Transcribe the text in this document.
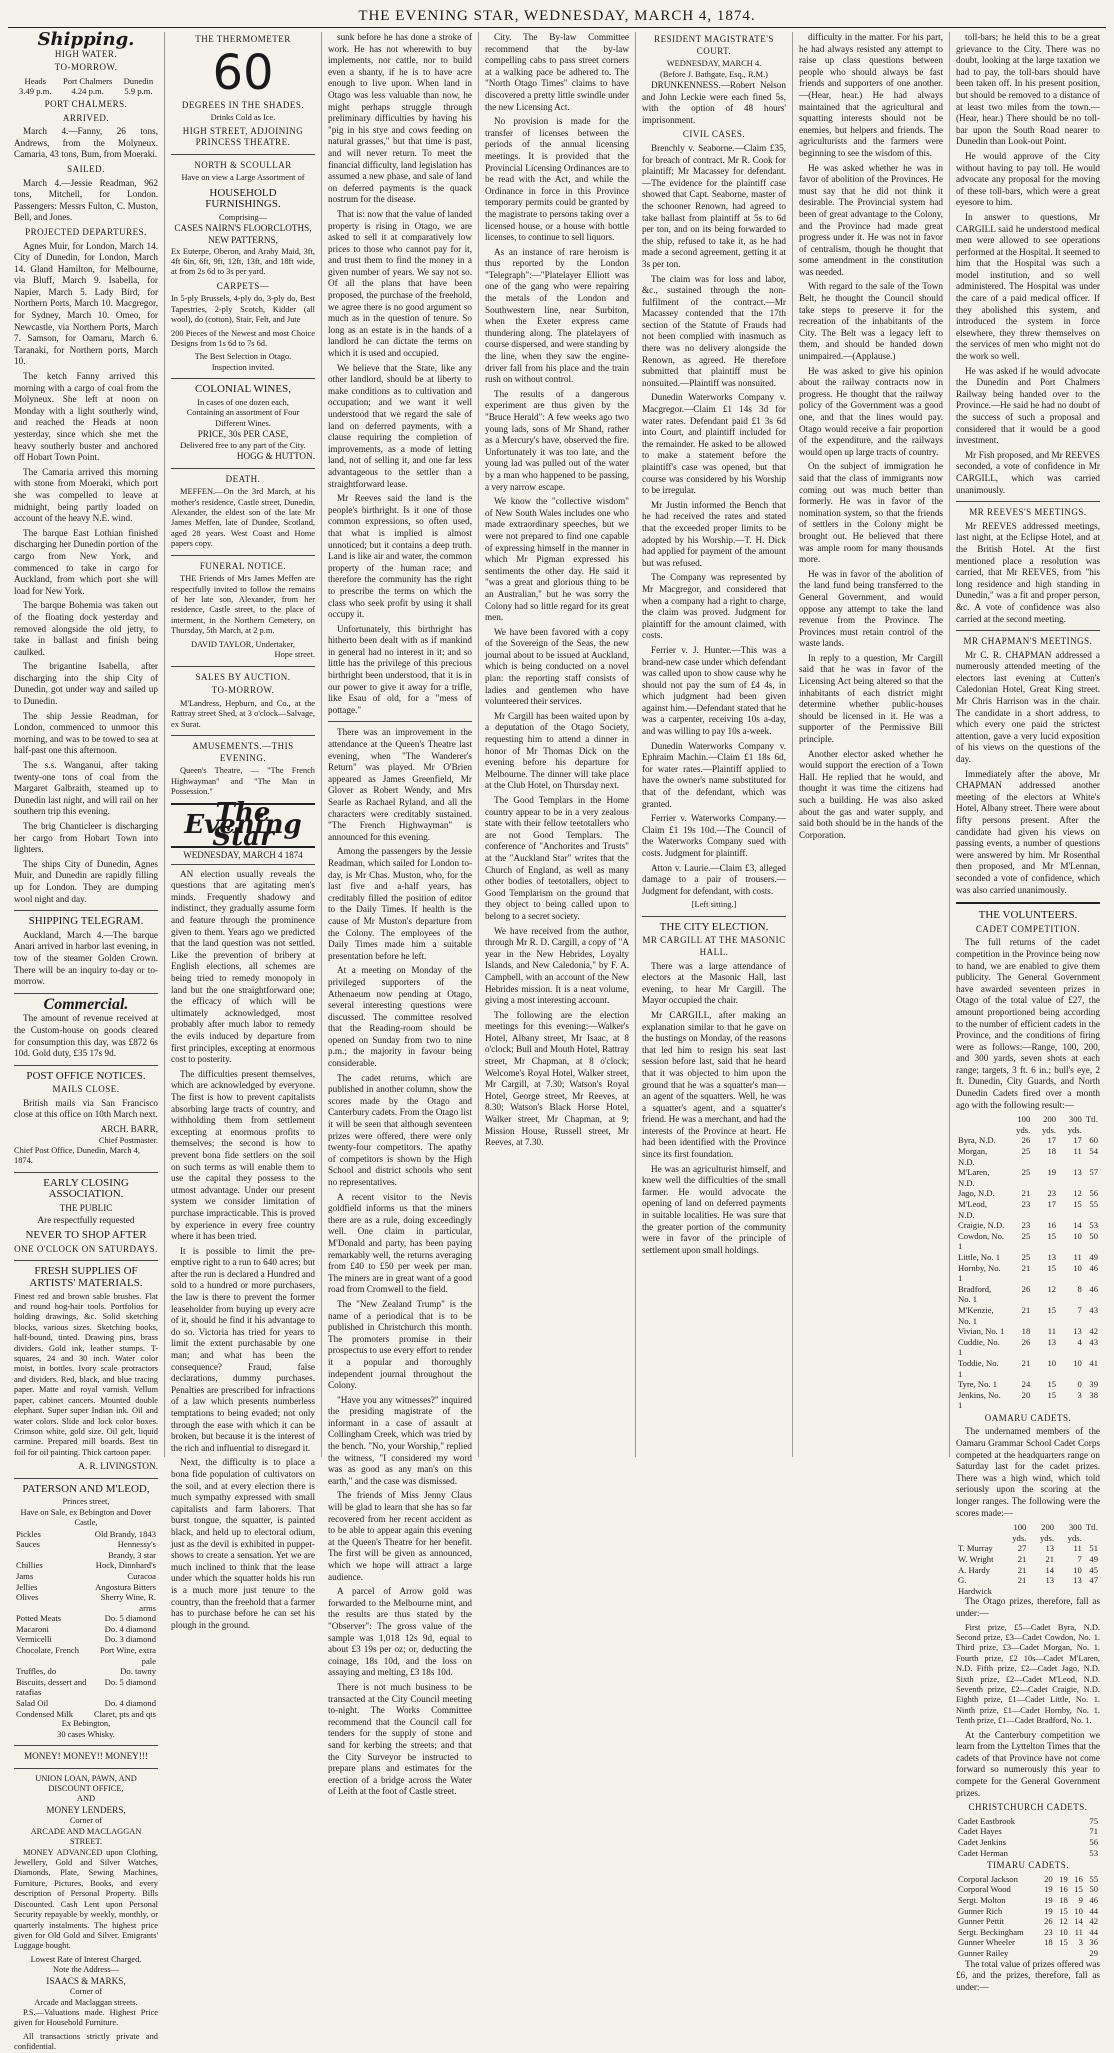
THE EVENING STAR, WEDNESDAY, MARCH 4, 1874.
Shipping.
HIGH WATER.
TO-MORROW.
Heads	Port Chalmers	Dunedin
3.49 p.m.	4.24 p.m.	5.9 p.m.
PORT CHALMERS.
ARRIVED.

March 4.—Fanny, 26 tons, Andrews, from the Molyneux. Camaria, 43 tons, Bum, from Moeraki.

SAILED.

March 4.—Jessie Readman, 962 tons, Mitchell, for London. Passengers: Messrs Fulton, C. Muston, Bell, and Jones.

PROJECTED DEPARTURES.

Agnes Muir, for London, March 14. City of Dunedin, for London, March 14. Gland Hamilton, for Melbourne, via Bluff, March 9. Isabella, for Napier, March 5. Lady Bird, for Northern Ports, March 10. Macgregor, for Sydney, March 10. Omeo, for Newcastle, via Northern Ports, March 7. Samson, for Oamaru, March 6. Taranaki, for Northern ports, March 10.

The ketch Fanny arrived this morning with a cargo of coal from the Molyneux. She left at noon on Monday with a light southerly wind, and reached the Heads at noon yesterday, since which she met the heavy southerly buster and anchored off Hobart Town Point.

The Camaria arrived this morning with stone from Moeraki, which port she was compelled to leave at midnight, being partly loaded on account of the heavy N.E. wind.

The barque East Lothian finished discharging her Dunedin portion of the cargo from New York, and commenced to take in cargo for Auckland, from which port she will load for New York.

The barque Bohemia was taken out of the floating dock yesterday and removed alongside the old jetty, to take in ballast and finish being caulked.

The brigantine Isabella, after discharging into the ship City of Dunedin, got under way and sailed up to Dunedin.

The ship Jessie Readman, for London, commenced to unmoor this morning, and was to be towed to sea at half-past one this afternoon.

The s.s. Wanganui, after taking twenty-one tons of coal from the Margaret Galbraith, steamed up to Dunedin last night, and will rail on her southern trip this evening.

The brig Chanticleer is discharging her cargo from Hobart Town into lighters.

The ships City of Dunedin, Agnes Muir, and Dunedin are rapidly filling up for London. They are dumping wool night and day.

SHIPPING TELEGRAM.

Auckland, March 4.—The barque Anari arrived in harbor last evening, in tow of the steamer Golden Crown. There will be an inquiry to-day or to-morrow.

Commercial.

The amount of revenue received at the Custom-house on goods cleared for consumption this day, was £872 6s 10d. Gold duty, £35 17s 9d.

POST OFFICE NOTICES.
MAILS CLOSE.

British mails via San Francisco close at this office on 10th March next.

ARCH. BARR,
Chief Postmaster.
Chief Post Office, Dunedin, March 4, 1874.
EARLY CLOSING ASSOCIATION.
THE PUBLIC
Are respectfully requested
NEVER TO SHOP AFTER
ONE O'CLOCK ON SATURDAYS.
FRESH SUPPLIES OF ARTISTS' MATERIALS.

Finest red and brown sable brushes. Flat and round hog-hair tools. Portfolios for holding drawings, &c. Solid sketching blocks, various sizes. Sketching books, half-bound, tinted. Drawing pins, brass dividers. Gold ink, leather stumps. T-squares, 24 and 30 inch. Water color moist, in bottles. Ivory scale protractors and dividers. Red, black, and blue tracing paper. Matte and royal varnish. Vellum paper, cabinet cancers. Mounted double elephant. Super super Indian ink. Oil and water colors. Slide and lock color boxes. Crimson white, gold size. Oil gelt, liquid carmine. Prepared mill boards. Best tin foil for oil painting. Thick cartoon paper.

A. R. LIVINGSTON.
PATERSON AND M'LEOD,
Princes street,
Have on Sale, ex Bebington and Dover Castle,
Pickles	Old Brandy, 1843
Sauces	Hennessy's Brandy, 3 star
Chillies	Hock, Dinnhard's
Jams	Curacoa
Jellies	Angostura Bitters
Olives	Sherry Wine, R. arms
Potted Meats	Do. 5 diamond
Macaroni	Do. 4 diamond
Vermicelli	Do. 3 diamond
Chocolate, French	Port Wine, extra pale
Truffles, do	Do. tawny
Biscuits, dessert and ratafias	Do. 5 diamond
Salad Oil	Do. 4 diamond
Condensed Milk	Claret, pts and qts
Ex Bebington,
30 cases Whisky.
MONEY! MONEY!! MONEY!!!
UNION LOAN, PAWN, AND DISCOUNT OFFICE,
AND
MONEY LENDERS,
Corner of
ARCADE AND MACLAGGAN STREET.

MONEY ADVANCED upon Clothing, Jewellery, Gold and Silver Watches, Diamonds, Plate, Sewing Machines, Furniture, Pictures, Books, and every description of Personal Property. Bills Discounted. Cash Lent upon Personal Security repayable by weekly, monthly, or quarterly instalments. The highest price given for Old Gold and Silver. Emigrants' Luggage bought.

Lowest Rate of Interest Charged.
Note the Address—
ISAACS & MARKS,
Corner of
Arcade and Maclaggan streets.

P.S.—Valuations made. Highest Price given for Household Furniture.

All transactions strictly private and confidential.

THE THERMOMETER
60
DEGREES IN THE SHADES.
Drinks Cold as Ice.
HIGH STREET, ADJOINING PRINCESS THEATRE.
NORTH & SCOULLAR
Have on view a Large Assortment of
HOUSEHOLD FURNISHINGS.
Comprising—
CASES NAIRN'S FLOORCLOTHS, NEW PATTERNS,

Ex Euterpe, Oberon, and Araby Maid, 3ft, 4ft 6in, 6ft, 9ft, 12ft, 13ft, and 18ft wide, at from 2s 6d to 3s per yard.

CARPETS—

In 5-ply Brussels, 4-ply do, 3-ply do, Best Tapestries, 2-ply Scotch, Kidder (all wool), do (cotton), Stair, Felt, and Jute

200 Pieces of the Newest and most Choice Designs from 1s 6d to 7s 6d.

The Best Selection in Otago.
Inspection invited.
COLONIAL WINES,
In cases of one dozen each,
Containing an assortment of Four Different Wines.
PRICE, 30s PER CASE,
Delivered free to any part of the City.
HOGG & HUTTON.
DEATH.

MEFFEN.—On the 3rd March, at his mother's residence, Castle street, Dunedin, Alexander, the eldest son of the late Mr James Meffen, late of Dundee, Scotland, aged 28 years. West Coast and Home papers copy.

FUNERAL NOTICE.

THE Friends of Mrs James Meffen are respectfully invited to follow the remains of her late son, Alexander, from her residence, Castle street, to the place of interment, in the Northern Cemetery, on Thursday, 5th March, at 2 p.m.

DAVID TAYLOR, Undertaker,
Hope street.
SALES BY AUCTION.
TO-MORROW.

M'Landress, Hepburn, and Co., at the Rattray street Shed, at 3 o'clock—Salvage, ex Surat.

AMUSEMENTS.—THIS EVENING.

Queen's Theatre, — "The French Highwayman" and "The Man in Possession."

The Evening Star
WEDNESDAY, MARCH 4 1874

AN election usually reveals the questions that are agitating men's minds. Frequently shadowy and indistinct, they gradually assume form and feature through the prominence given to them. Years ago we predicted that the land question was not settled. Like the prevention of bribery at English elections, all schemes are being tried to remedy monopoly in land but the one straightforward one; the efficacy of which will be ultimately acknowledged, most probably after much labor to remedy the evils induced by departure from first principles, excepting at enormous cost to posterity.

The difficulties present themselves, which are acknowledged by everyone. The first is how to prevent capitalists absorbing large tracts of country, and withholding them from settlement excepting at enormous profits to themselves; the second is how to prevent bona fide settlers on the soil on such terms as will enable them to use the capital they possess to the utmost advantage. Under our present system we consider limitation of purchase impracticable. This is proved by experience in every free country where it has been tried.

It is possible to limit the pre-emptive right to a run to 640 acres; but after the run is declared a Hundred and sold to a hundred or more purchasers, the law is there to prevent the former leaseholder from buying up every acre of it, should he find it his advantage to do so. Victoria has tried for years to limit the extent purchasable by one man; and what has been the consequence? Fraud, false declarations, dummy purchases. Penalties are prescribed for infractions of a law which presents numberless temptations to being evaded; not only through the ease with which it can be broken, but because it is the interest of the rich and influential to disregard it.

Next, the difficulty is to place a bona fide population of cultivators on the soil, and at every election there is much sympathy expressed with small capitalists and farm laborers. That burst tongue, the squatter, is painted black, and held up to electoral odium, just as the devil is exhibited in puppet-shows to create a sensation. Yet we are much inclined to think that the lease under which the squatter holds his run is a much more just tenure to the country, than the freehold that a farmer has to purchase before he can set his plough in the ground.

sunk before he has done a stroke of work. He has not wherewith to buy implements, nor cattle, nor to build even a shanty, if he is to have acre enough to live upon. When land in Otago was less valuable than now, he might perhaps struggle through preliminary difficulties by having his "pig in his stye and cows feeding on natural grasses," but that time is past, and will never return. To meet the financial difficulty, land legislation has assumed a new phase, and sale of land on deferred payments is the quack nostrum for the disease.

That is: now that the value of landed property is rising in Otago, we are asked to sell it at comparatively low prices to those who cannot pay for it, and trust them to find the money in a given number of years. We say not so. Of all the plans that have been proposed, the purchase of the freehold, we agree there is no good argument so much as in the question of tenure. So long as an estate is in the hands of a landlord he can dictate the terms on which it is used and occupied.

We believe that the State, like any other landlord, should be at liberty to make conditions as to cultivation and occupation; and we want it well understood that we regard the sale of land on deferred payments, with a clause requiring the completion of improvements, as a mode of letting land, not of selling it, and one far less advantageous to the settler than a straightforward lease.

Mr Reeves said the land is the people's birthright. Is it one of those common expressions, so often used, that what is implied is almost unnoticed; but it contains a deep truth. Land is like air and water, the common property of the human race; and therefore the community has the right to prescribe the terms on which the class who seek profit by using it shall occupy it.

Unfortunately, this birthright has hitherto been dealt with as if mankind in general had no interest in it; and so little has the privilege of this precious birthright been understood, that it is in our power to give it away for a trifle, like Esau of old, for a "mess of pottage."

There was an improvement in the attendance at the Queen's Theatre last evening, when "The Wanderer's Return" was played. Mr O'Brien appeared as James Greenfield, Mr Glover as Robert Wendy, and Mrs Searle as Rachael Ryland, and all the characters were creditably sustained. "The French Highwayman" is announced for this evening.

Among the passengers by the Jessie Readman, which sailed for London to-day, is Mr Chas. Muston, who, for the last five and a-half years, has creditably filled the position of editor to the Daily Times. If health is the cause of Mr Muston's departure from the Colony. The employees of the Daily Times made him a suitable presentation before he left.

At a meeting on Monday of the privileged supporters of the Athenaeum now pending at Otago, several interesting questions were discussed. The committee resolved that the Reading-room should be opened on Sunday from two to nine p.m.; the majority in favour being considerable.

The cadet returns, which are published in another column, show the scores made by the Otago and Canterbury cadets. From the Otago list it will be seen that although seventeen prizes were offered, there were only twenty-four competitors. The apathy of competitors is shown by the High School and district schools who sent no representatives.

A recent visitor to the Nevis goldfield informs us that the miners there are as a rule, doing exceedingly well. One claim in particular, M'Donald and party, has been paying remarkably well, the returns averaging from £40 to £50 per week per man. The miners are in great want of a good road from Cromwell to the field.

The "New Zealand Trump" is the name of a periodical that is to be published in Christchurch this month. The promoters promise in their prospectus to use every effort to render it a popular and thoroughly independent journal throughout the Colony.

"Have you any witnesses?" inquired the presiding magistrate of the informant in a case of assault at Collingham Creek, which was tried by the bench. "No, your Worship," replied the witness, "I considered my word was as good as any man's on this earth," and the case was dismissed.

The friends of Miss Jenny Claus will be glad to learn that she has so far recovered from her recent accident as to be able to appear again this evening at the Queen's Theatre for her benefit. The first will be given as announced, which we hope will attract a large audience.

A parcel of Arrow gold was forwarded to the Melbourne mint, and the results are thus stated by the "Observer": The gross value of the sample was 1,018 12s 9d, equal to about £3 19s per oz; or, deducting the coinage, 18s 10d, and the loss on assaying and melting, £3 18s 10d.

There is not much business to be transacted at the City Council meeting to-night. The Works Committee recommend that the Council call for tenders for the supply of stone and sand for kerbing the streets; and that the City Surveyor be instructed to prepare plans and estimates for the erection of a bridge across the Water of Leith at the foot of Castle street.

City. The By-law Committee recommend that the by-law compelling cabs to pass street corners at a walking pace be adhered to. The "North Otago Times" claims to have discovered a pretty little swindle under the new Licensing Act.

No provision is made for the transfer of licenses between the periods of the annual licensing meetings. It is provided that the Provincial Licensing Ordinances are to be read with the Act, and while the Ordinance in force in this Province temporary permits could be granted by the magistrate to persons taking over a licensed house, or a house with bottle licenses, to continue to sell liquors.

As an instance of rare heroism is thus reported by the London "Telegraph":—"Platelayer Elliott was one of the gang who were repairing the metals of the London and Southwestern line, near Surbiton, when the Exeter express came thundering along. The platelayers of course dispersed, and were standing by the line, when they saw the engine-driver fall from his place and the train rush on without control.

The results of a dangerous experiment are thus given by the "Bruce Herald": A few weeks ago two young lads, sons of Mr Shand, rather as a Mercury's have, observed the fire. Unfortunately it was too late, and the young lad was pulled out of the water by a man who happened to be passing, a very narrow escape.

We know the "collective wisdom" of New South Wales includes one who made extraordinary speeches, but we were not prepared to find one capable of expressing himself in the manner in which Mr Pigman expressed his sentiments the other day. He said it "was a great and glorious thing to be an Australian," but he was sorry the Colony had so little regard for its great men.

We have been favored with a copy of the Sovereign of the Seas, the new journal about to be issued at Auckland, which is being conducted on a novel plan: the reporting staff consists of ladies and gentlemen who have volunteered their services.

Mr Cargill has been waited upon by a deputation of the Otago Society, requesting him to attend a dinner in honor of Mr Thomas Dick on the evening before his departure for Melbourne. The dinner will take place at the Club Hotel, on Thursday next.

The Good Templars in the Home country appear to be in a very zealous state with their fellow teetotallers who are not Good Templars. The conference of "Anchorites and Trusts" at the "Auckland Star" writes that the Church of England, as well as many other bodies of teetotallers, object to Good Templarism on the ground that they object to being called upon to belong to a secret society.

We have received from the author, through Mr R. D. Cargill, a copy of "A year in the New Hebrides, Loyalty Islands, and New Caledonia," by F. A. Campbell, with an account of the New Hebrides mission. It is a neat volume, giving a most interesting account.

The following are the election meetings for this evening:—Walker's Hotel, Albany street, Mr Isaac, at 8 o'clock; Bull and Mouth Hotel, Rattray street, Mr Chapman, at 8 o'clock; Welcome's Royal Hotel, Walker street, Mr Cargill, at 7.30; Watson's Royal Hotel, George street, Mr Reeves, at 8.30; Watson's Black Horse Hotel, Walker street, Mr Chapman, at 9; Mission House, Russell street, Mr Reeves, at 7.30.

RESIDENT MAGISTRATE'S COURT.
WEDNESDAY, MARCH 4.
(Before J. Bathgate, Esq., R.M.)

DRUNKENNESS.—Robert Nelson and John Leckie were each fined 5s, with the option of 48 hours' imprisonment.

CIVIL CASES.

Brenchly v. Seaborne.—Claim £35, for breach of contract. Mr R. Cook for plaintiff; Mr Macassey for defendant.—The evidence for the plaintiff case showed that Capt. Seaborne, master of the schooner Renown, had agreed to take ballast from plaintiff at 5s to 6d per ton, and on its being forwarded to the ship, refused to take it, as he had made a second agreement, getting it at 3s per ton.

The claim was for loss and labor, &c., sustained through the non-fulfilment of the contract.—Mr Macassey contended that the 17th section of the Statute of Frauds had not been complied with inasmuch as there was no delivery alongside the Renown, as agreed. He therefore submitted that plaintiff must be nonsuited.—Plaintiff was nonsuited.

Dunedin Waterworks Company v. Macgregor.—Claim £1 14s 3d for water rates. Defendant paid £1 3s 6d into Court, and plaintiff included for the remainder. He asked to be allowed to make a statement before the plaintiff's case was opened, but that course was considered by his Worship to be irregular.

Mr Justin informed the Bench that he had received the rates and stated that the exceeded proper limits to be adopted by his Worship.—T. H. Dick had applied for payment of the amount but was refused.

The Company was represented by Mr Macgregor, and considered that when a company had a right to charge, the claim was proved. Judgment for plaintiff for the amount claimed, with costs.

Ferrier v. J. Hunter.—This was a brand-new case under which defendant was called upon to show cause why he should not pay the sum of £4 4s, in which judgment had been given against him.—Defendant stated that he was a carpenter, receiving 10s a-day, and was willing to pay 10s a-week.

Dunedin Waterworks Company v. Ephraim Machin.—Claim £1 18s 6d, for water rates.—Plaintiff applied to have the owner's name substituted for that of the defendant, which was granted.

Ferrier v. Waterworks Company.—Claim £1 19s 10d.—The Council of the Waterworks Company sued with costs. Judgment for plaintiff.

Atton v. Laurie.—Claim £3, alleged damage to a pair of trousers.—Judgment for defendant, with costs.

[Left sitting.]
THE CITY ELECTION.
MR CARGILL AT THE MASONIC HALL.

There was a large attendance of electors at the Masonic Hall, last evening, to hear Mr Cargill. The Mayor occupied the chair.

Mr CARGILL, after making an explanation similar to that he gave on the hustings on Monday, of the reasons that led him to resign his seat last session before last, said that he heard that it was objected to him upon the ground that he was a squatter's man—an agent of the squatters. Well, he was a squatter's agent, and a squatter's friend. He was a merchant, and had the interests of the Province at heart. He had been identified with the Province since its first foundation.

He was an agriculturist himself, and knew well the difficulties of the small farmer. He would advocate the opening of land on deferred payments in suitable localities. He was sure that the greater portion of the community were in favor of the principle of settlement upon small holdings.

difficulty in the matter. For his part, he had always resisted any attempt to raise up class questions between people who should always be fast friends and supporters of one another.—(Hear, hear.) He had always maintained that the agricultural and squatting interests should not be enemies, but helpers and friends. The agriculturists and the farmers were beginning to see the wisdom of this.

He was asked whether he was in favor of abolition of the Provinces. He must say that he did not think it desirable. The Provincial system had been of great advantage to the Colony, and the Province had made great progress under it. He was not in favor of centralism, though he thought that some amendment in the constitution was needed.

With regard to the sale of the Town Belt, he thought the Council should take steps to preserve it for the recreation of the inhabitants of the City. The Belt was a legacy left to them, and should be handed down unimpaired.—(Applause.)

He was asked to give his opinion about the railway contracts now in progress. He thought that the railway policy of the Government was a good one, and that the lines would pay. Otago would receive a fair proportion of the expenditure, and the railways would open up large tracts of country.

On the subject of immigration he said that the class of immigrants now coming out was much better than formerly. He was in favor of the nomination system, so that the friends of settlers in the Colony might be brought out. He believed that there was ample room for many thousands more.

He was in favor of the abolition of the land fund being transferred to the General Government, and would oppose any attempt to take the land revenue from the Province. The Provinces must retain control of the waste lands.

In reply to a question, Mr Cargill said that he was in favor of the Licensing Act being altered so that the inhabitants of each district might determine whether public-houses should be licensed in it. He was a supporter of the Permissive Bill principle.

Another elector asked whether he would support the erection of a Town Hall. He replied that he would, and thought it was time the citizens had such a building. He was also asked about the gas and water supply, and said both should be in the hands of the Corporation.

toll-bars; he held this to be a great grievance to the City. There was no doubt, looking at the large taxation we had to pay, the toll-bars should have been taken off. In his present position, but should be removed to a distance of at least two miles from the town.—(Hear, hear.) There should be no toll-bar upon the South Road nearer to Dunedin than Look-out Point.

He would approve of the City without having to pay toll. He would advocate any proposal for the moving of these toll-bars, which were a great eyesore to him.

In answer to questions, Mr CARGILL said he understood medical men were allowed to see operations performed at the Hospital. It seemed to him that the Hospital was such a model institution, and so well administered. The Hospital was under the care of a paid medical officer. If they abolished this system, and introduced the system in force elsewhere, they threw themselves on the services of men who might not do the work so well.

He was asked if he would advocate the Dunedin and Port Chalmers Railway being handed over to the Province.—He said he had no doubt of the success of such a proposal and considered that it would be a good investment.

Mr Fish proposed, and Mr REEVES seconded, a vote of confidence in Mr CARGILL, which was carried unanimously.

MR REEVES'S MEETINGS.

Mr REEVES addressed meetings, last night, at the Eclipse Hotel, and at the British Hotel. At the first mentioned place a resolution was carried, that Mr REEVES, from "his long residence and high standing in Dunedin," was a fit and proper person, &c. A vote of confidence was also carried at the second meeting.

MR CHAPMAN'S MEETINGS.

Mr C. R. CHAPMAN addressed a numerously attended meeting of the electors last evening at Cutten's Caledonian Hotel, Great King street. Mr Chris Harrison was in the chair. The candidate in a short address, to which every one paid the strictest attention, gave a very lucid exposition of his views on the questions of the day.

Immediately after the above, Mr CHAPMAN addressed another meeting of the electors at White's Hotel, Albany street. There were about fifty persons present. After the candidate had given his views on passing events, a number of questions were answered by him. Mr Rosenthal then proposed, and Mr M'Lennan, seconded a vote of confidence, which was also carried unanimously.

THE VOLUNTEERS.
CADET COMPETITION.

The full returns of the cadet competition in the Province being now to hand, we are enabled to give them publicity. The General Government have awarded seventeen prizes in Otago of the total value of £27, the amount proportioned being according to the number of efficient cadets in the Province, and the conditions of firing were as follows:—Range, 100, 200, and 300 yards, seven shots at each range; targets, 3 ft. 6 in.; bull's eye, 2 ft. Dunedin, City Guards, and North Dunedin Cadets fired over a month ago with the following result:—

	100 yds.	200 yds.	300 yds.	Ttl.
Byra, N.D.	26	17	17	60
Morgan, N.D.	25	18	11	54
M'Laren, N.D.	25	19	13	57
Jago, N.D.	21	23	12	56
M'Leod, N.D.	23	17	15	55
Craigie, N.D.	23	16	14	53
Cowdon, No. 1	25	15	10	50
Little, No. 1	25	13	11	49
Hornby, No. 1	21	15	10	46
Bradford, No. 1	26	12	8	46
M'Kenzie, No. 1	21	15	7	43
Vivian, No. 1	18	11	13	42
Cuddie, No. 1	26	13	4	43
Toddie, No. 1	21	10	10	41
Tyre, No. 1	24	15	0	39
Jenkins, No. 1	20	15	3	38
OAMARU CADETS.

The undernamed members of the Oamaru Grammar School Cadet Corps competed at the headquarters range on Saturday last for the cadet prizes. There was a high wind, which told seriously upon the scoring at the longer ranges. The following were the scores made:—

	100 yds.	200 yds.	300 yds.	Ttl.
T. Murray	27	13	11	51
W. Wright	21	21	7	49
A. Hardy	21	14	10	45
G. Hardwick	21	13	13	47

The Otago prizes, therefore, fall as under:—

First prize, £5—Cadet Byra, N.D. Second prize, £3—Cadet Cowdon, No. 1. Third prize, £3—Cadet Morgan, No. 1. Fourth prize, £2 10s—Cadet M'Laren, N.D. Fifth prize, £2—Cadet Jago, N.D. Sixth prize, £2—Cadet M'Leod, N.D. Seventh prize, £2—Cadet Craigie, N.D. Eighth prize, £1—Cadet Little, No. 1. Ninth prize, £1—Cadet Hornby, No. 1. Tenth prize, £1—Cadet Bradford, No. 1.

At the Canterbury competition we learn from the Lyttelton Times that the cadets of that Province have not come forward so numerously this year to compete for the General Government prizes.

CHRISTCHURCH CADETS.
Cadet Eastbrook				75
Cadet Hayes				71
Cadet Jenkins				56
Cadet Herman				53
TIMARU CADETS.
Corporal Jackson	20	19	16	55
Corporal Wood	19	16	15	50
Sergt. Molton	19	18	9	46
Gunner Rich	19	15	10	44
Gunner Pettit	26	12	14	42
Sergt. Beckingham	23	10	11	44
Gunner Wheeler	18	15	3	36
Gunner Railey				29

The total value of prizes offered was £6, and the prizes, therefore, fall as under:—
